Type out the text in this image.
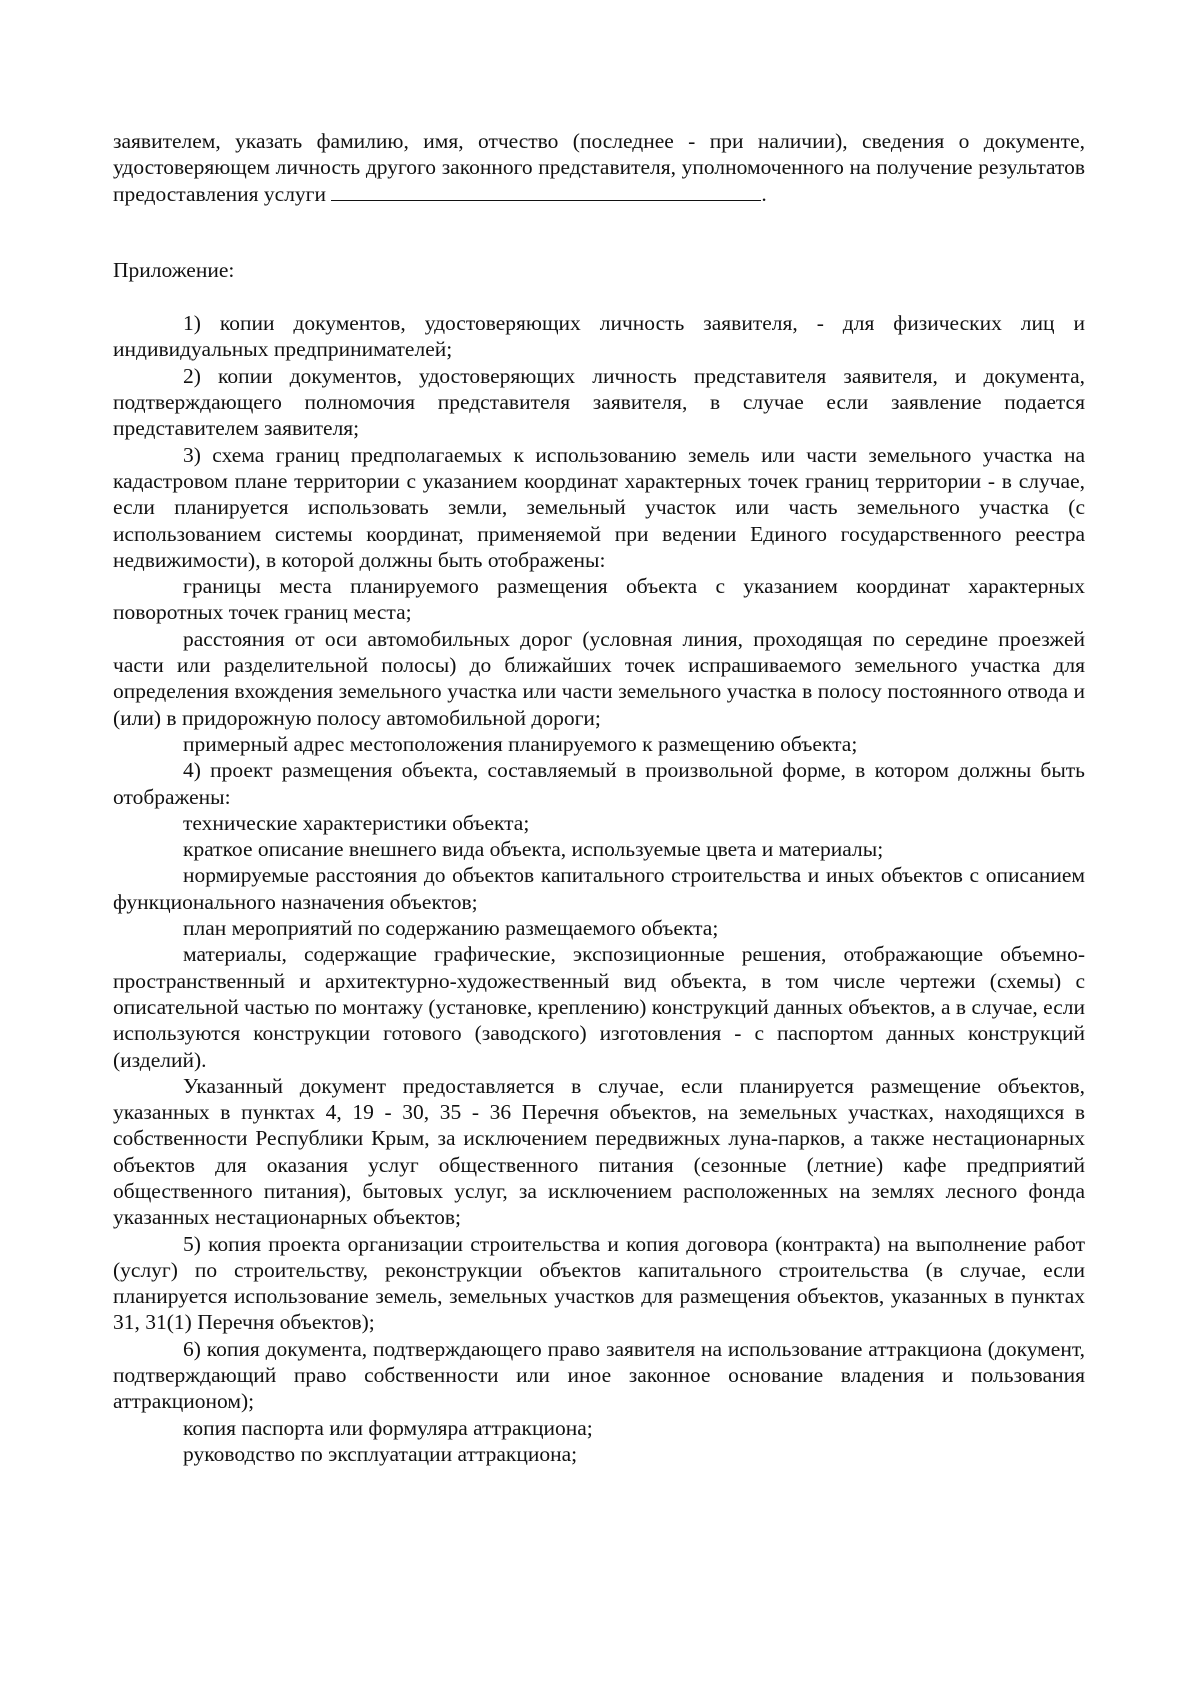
заявителем, указать фамилию, имя, отчество (последнее - при наличии), сведения о документе, удостоверяющем личность другого законного представителя, уполномоченного на получение результатов предоставления услуги	.

Приложение:

1) копии документов, удостоверяющих личность заявителя, - для физических лиц и индивидуальных предпринимателей;

2) копии документов, удостоверяющих личность представителя заявителя, и документа, подтверждающего полномочия представителя заявителя, в случае если заявление подается представителем заявителя;

3) схема границ предполагаемых к использованию земель или части земельного участка на кадастровом плане территории с указанием координат характерных точек границ территории - в случае, если планируется использовать земли, земельный участок или часть земельного участка (с использованием системы координат, применяемой при ведении Единого государственного реестра недвижимости), в которой должны быть отображены:

границы места планируемого размещения объекта с указанием координат характерных поворотных точек границ места;

расстояния от оси автомобильных дорог (условная линия, проходящая по середине проезжей части или разделительной полосы) до ближайших точек испрашиваемого земельного участка для определения вхождения земельного участка или части земельного участка в полосу постоянного отвода и (или) в придорожную полосу автомобильной дороги;

примерный адрес местоположения планируемого к размещению объекта;

4) проект размещения объекта, составляемый в произвольной форме, в котором должны быть отображены:

технические характеристики объекта;

краткое описание внешнего вида объекта, используемые цвета и материалы;

нормируемые расстояния до объектов капитального строительства и иных объектов с описанием функционального назначения объектов;

план мероприятий по содержанию размещаемого объекта;

материалы, содержащие графические, экспозиционные решения, отображающие объемно-пространственный и архитектурно-художественный вид объекта, в том числе чертежи (схемы) с описательной частью по монтажу (установке, креплению) конструкций данных объектов, а в случае, если используются конструкции готового (заводского) изготовления - с паспортом данных конструкций (изделий).

Указанный документ предоставляется в случае, если планируется размещение объектов, указанных в пунктах 4, 19 - 30, 35 - 36 Перечня объектов, на земельных участках, находящихся в собственности Республики Крым, за исключением передвижных луна-парков, а также нестационарных объектов для оказания услуг общественного питания (сезонные (летние) кафе предприятий общественного питания), бытовых услуг, за исключением расположенных на землях лесного фонда указанных нестационарных объектов;

5) копия проекта организации строительства и копия договора (контракта) на выполнение работ (услуг) по строительству, реконструкции объектов капитального строительства (в случае, если планируется использование земель, земельных участков для размещения объектов, указанных в пунктах 31, 31(1) Перечня объектов);

6) копия документа, подтверждающего право заявителя на использование аттракциона (документ, подтверждающий право собственности или иное законное основание владения и пользования аттракционом);

копия паспорта или формуляра аттракциона;

руководство по эксплуатации аттракциона;
